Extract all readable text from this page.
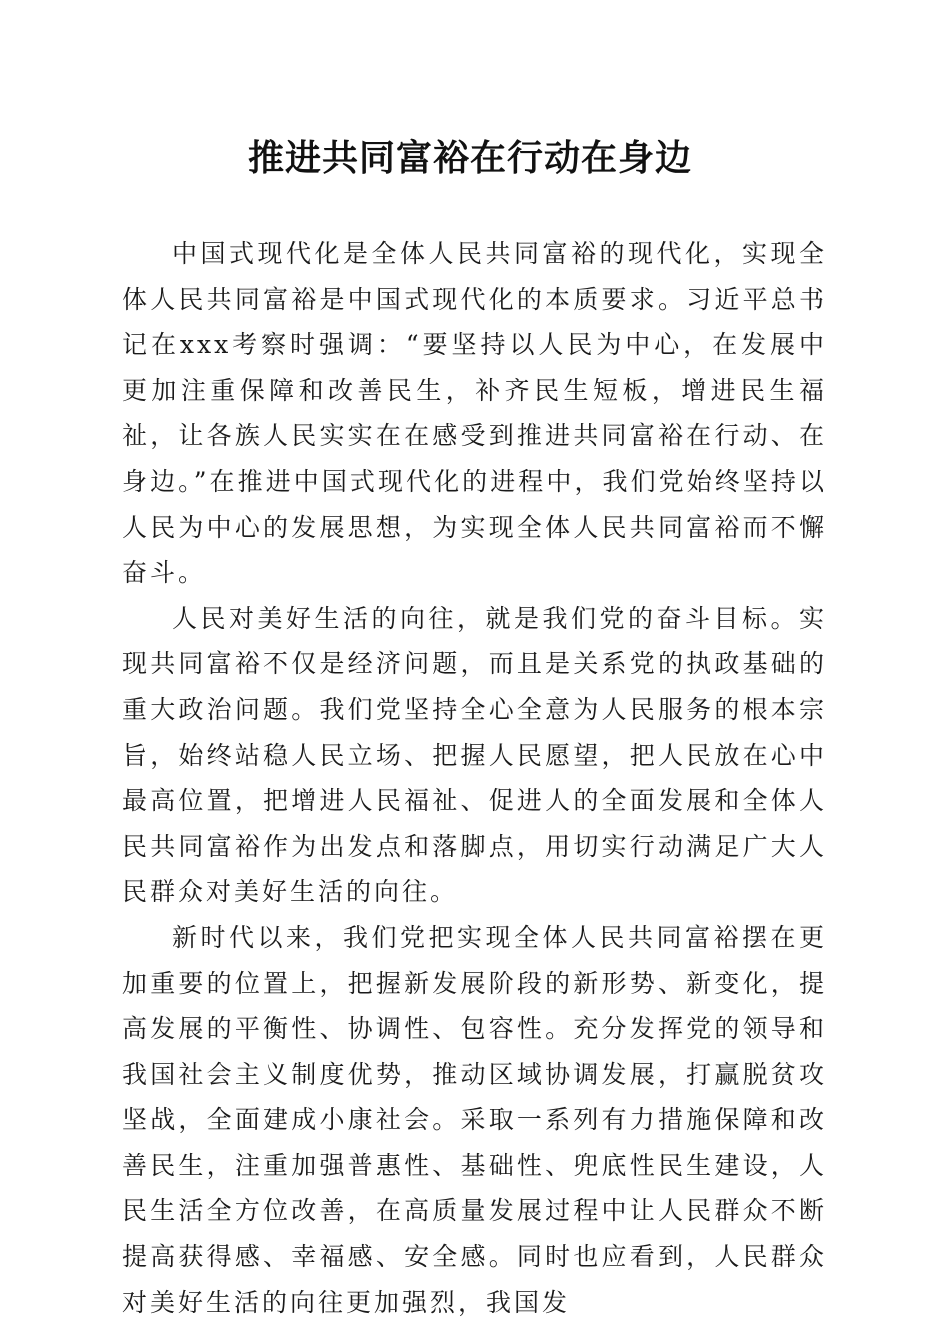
推进共同富裕在行动在身边

中国式现代化是全体人民共同富裕的现代化，实现全体人民共同富裕是中国式现代化的本质要求。习近平总书记在xxx考察时强调：“要坚持以人民为中心，在发展中更加注重保障和改善民生，补齐民生短板，增进民生福祉，让各族人民实实在在感受到推进共同富裕在行动、在身边。”在推进中国式现代化的进程中，我们党始终坚持以人民为中心的发展思想，为实现全体人民共同富裕而不懈奋斗。

人民对美好生活的向往，就是我们党的奋斗目标。实现共同富裕不仅是经济问题，而且是关系党的执政基础的重大政治问题。我们党坚持全心全意为人民服务的根本宗旨，始终站稳人民立场、把握人民愿望，把人民放在心中最高位置，把增进人民福祉、促进人的全面发展和全体人民共同富裕作为出发点和落脚点，用切实行动满足广大人民群众对美好生活的向往。

新时代以来，我们党把实现全体人民共同富裕摆在更加重要的位置上，把握新发展阶段的新形势、新变化，提高发展的平衡性、协调性、包容性。充分发挥党的领导和我国社会主义制度优势，推动区域协调发展，打赢脱贫攻坚战，全面建成小康社会。采取一系列有力措施保障和改善民生，注重加强普惠性、基础性、兜底性民生建设，人民生活全方位改善，在高质量发展过程中让人民群众不断提高获得感、幸福感、安全感。同时也应看到，人民群众对美好生活的向往更加强烈，我国发
